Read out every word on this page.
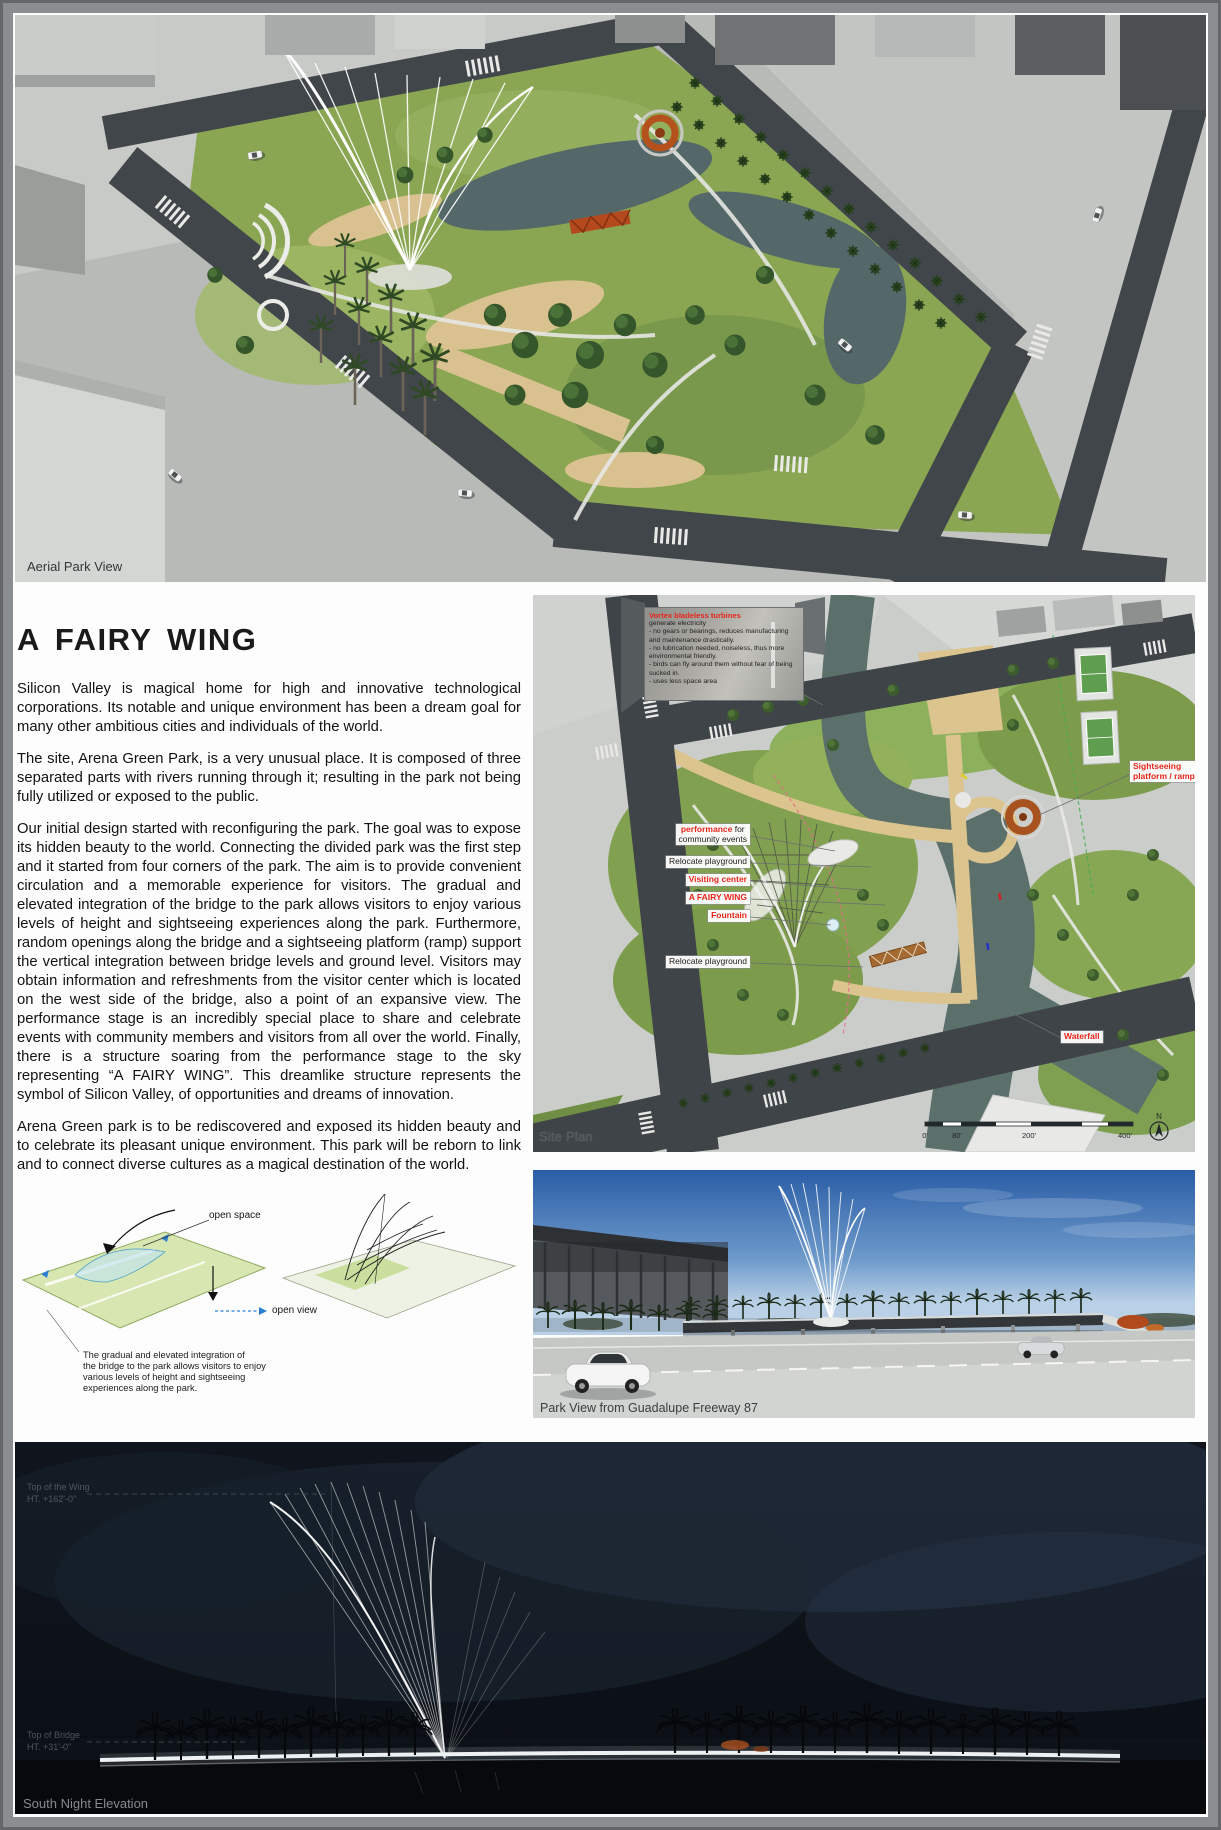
Aerial Park View
A FAIRY WING

Silicon Valley is magical home for high and innovative technological corporations. Its notable and unique environment has been a dream goal for many other ambitious cities and individuals of the world.

The site, Arena Green Park, is a very unusual place. It is composed of three separated parts with rivers running through it; resulting in the park not being fully utilized or exposed to the public.

Our initial design started with reconfiguring the park. The goal was to expose its hidden beauty to the world. Connecting the divided park was the first step and it started from four corners of the park. The aim is to provide convenient circulation and a memorable experience for visitors. The gradual and elevated integration of the bridge to the park allows visitors to enjoy various levels of height and sightseeing experiences along the park. Furthermore, random openings along the bridge and a sightseeing platform (ramp) support the vertical integration between bridge levels and ground level. Visitors may obtain information and refreshments from the visitor center which is located on the west side of the bridge, also a point of an expansive view. The performance stage is an incredibly special place to share and celebrate events with community members and visitors from all over the world. Finally, there is a structure soaring from the performance stage to the sky representing “A FAIRY WING”. This dreamlike structure represents the symbol of Silicon Valley, of opportunities and dreams of innovation.

Arena Green park is to be rediscovered and exposed its hidden beauty and to celebrate its pleasant unique environment. This park will be reborn to link and to connect diverse cultures as a magical destination of the world.

0'	80'	200'	400'
N
Vortex bladeless turbines
generate electricity
- no gears or bearings, reduces manufacturing and maintenance drastically.
- no lubrication needed, noiseless, thus more environmental friendly.
- birds can fly around them without fear of being sucked in.
- uses less space area
performance for
community events
Relocate playground
Visiting center
A FAIRY WING
Fountain
Relocate playground
Sightseeing
platform / ramp
Waterfall
Site Plan
open space
open view
The gradual and elevated integration of
the bridge to the park allows visitors to enjoy
various levels of height and sightseeing
experiences along the park.
Park View from Guadalupe Freeway 87
South Night Elevation
Top of the Wing
HT. +162'-0"
Top of Bridge
HT. +31'-0"
